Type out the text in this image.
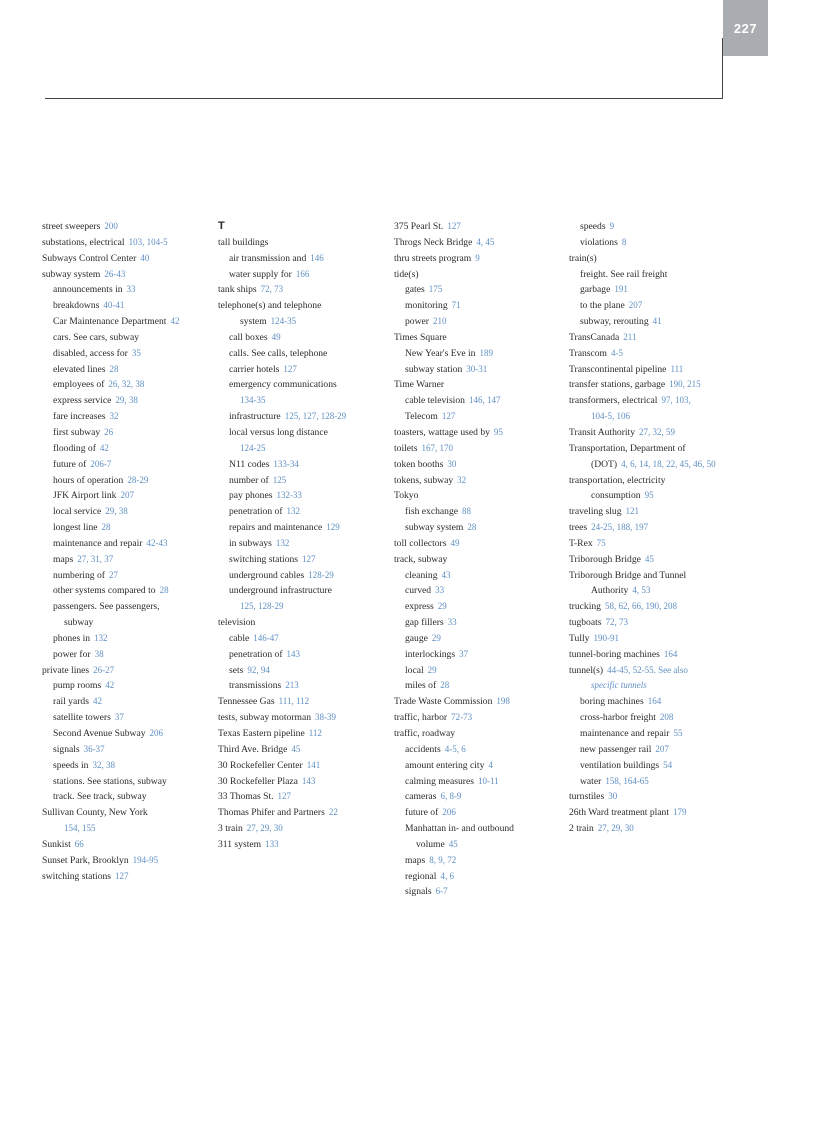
227
street sweepers 200
substations, electrical 103, 104-5
Subways Control Center 40
subway system 26-43
announcements in 33
breakdowns 40-41
Car Maintenance Department 42
cars. See cars, subway
disabled, access for 35
elevated lines 28
employees of 26, 32, 38
express service 29, 38
fare increases 32
first subway 26
flooding of 42
future of 206-7
hours of operation 28-29
JFK Airport link 207
local service 29, 38
longest line 28
maintenance and repair 42-43
maps 27, 31, 37
numbering of 27
other systems compared to 28
passengers. See passengers,
subway
phones in 132
power for 38
private lines 26-27
pump rooms 42
rail yards 42
satellite towers 37
Second Avenue Subway 206
signals 36-37
speeds in 32, 38
stations. See stations, subway
track. See track, subway
Sullivan County, New York
154, 155
Sunkist 66
Sunset Park, Brooklyn 194-95
switching stations 127
T
tall buildings
air transmission and 146
water supply for 166
tank ships 72, 73
telephone(s) and telephone
system 124-35
call boxes 49
calls. See calls, telephone
carrier hotels 127
emergency communications
134-35
infrastructure 125, 127, 128-29
local versus long distance
124-25
N11 codes 133-34
number of 125
pay phones 132-33
penetration of 132
repairs and maintenance 129
in subways 132
switching stations 127
underground cables 128-29
underground infrastructure
125, 128-29
television
cable 146-47
penetration of 143
sets 92, 94
transmissions 213
Tennessee Gas 111, 112
tests, subway motorman 38-39
Texas Eastern pipeline 112
Third Ave. Bridge 45
30 Rockefeller Center 141
30 Rockefeller Plaza 143
33 Thomas St. 127
Thomas Phifer and Partners 22
3 train 27, 29, 30
311 system 133
375 Pearl St. 127
Throgs Neck Bridge 4, 45
thru streets program 9
tide(s)
gates 175
monitoring 71
power 210
Times Square
New Year's Eve in 189
subway station 30-31
Time Warner
cable television 146, 147
Telecom 127
toasters, wattage used by 95
toilets 167, 170
token booths 30
tokens, subway 32
Tokyo
fish exchange 88
subway system 28
toll collectors 49
track, subway
cleaning 43
curved 33
express 29
gap fillers 33
gauge 29
interlockings 37
local 29
miles of 28
Trade Waste Commission 198
traffic, harbor 72-73
traffic, roadway
accidents 4-5, 6
amount entering city 4
calming measures 10-11
cameras 6, 8-9
future of 206
Manhattan in- and outbound
volume 45
maps 8, 9, 72
regional 4, 6
signals 6-7
speeds 9
violations 8
train(s)
freight. See rail freight
garbage 191
to the plane 207
subway, rerouting 41
TransCanada 211
Transcom 4-5
Transcontinental pipeline 111
transfer stations, garbage 190, 215
transformers, electrical 97, 103,
104-5, 106
Transit Authority 27, 32, 59
Transportation, Department of
(DOT) 4, 6, 14, 18, 22, 45, 46, 50
transportation, electricity
consumption 95
traveling slug 121
trees 24-25, 188, 197
T-Rex 75
Triborough Bridge 45
Triborough Bridge and Tunnel
Authority 4, 53
trucking 58, 62, 66, 190, 208
tugboats 72, 73
Tully 190-91
tunnel-boring machines 164
tunnel(s) 44-45, 52-55. See also
specific tunnels
boring machines 164
cross-harbor freight 208
maintenance and repair 55
new passenger rail 207
ventilation buildings 54
water 158, 164-65
turnstiles 30
26th Ward treatment plant 179
2 train 27, 29, 30
